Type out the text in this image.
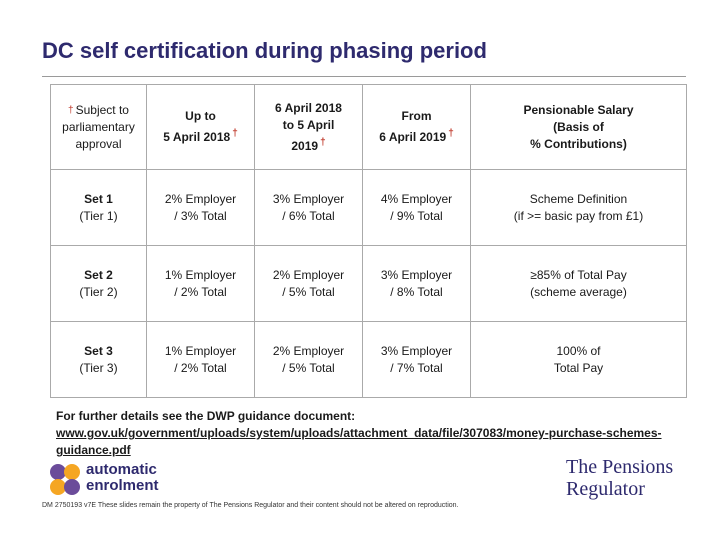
DC self certification during phasing period
† Subject to parliamentary approval	Up to
5 April 2018 †	6 April 2018
to 5 April
2019 †	From
6 April 2019 †	Pensionable Salary
(Basis of
% Contributions)

Set 1
(Tier 1)	2% Employer
/ 3% Total	3% Employer
/ 6% Total	4% Employer
/ 9% Total	Scheme Definition
(if >= basic pay from £1)

Set 2
(Tier 2)	1% Employer
/ 2% Total	2% Employer
/ 5% Total	3% Employer
/ 8% Total	≥85% of Total Pay
(scheme average)

Set 3
(Tier 3)	1% Employer
/ 2% Total	2% Employer
/ 5% Total	3% Employer
/ 7% Total	100% of
Total Pay
For further details see the DWP guidance document:
www.gov.uk/government/uploads/system/uploads/attachment_data/file/307083/money-purchase-schemes-guidance.pdf
automatic
enrolment
The Pensions
Regulator
DM 2750193 v7E These slides remain the property of The Pensions Regulator and their content should not be altered on reproduction.
